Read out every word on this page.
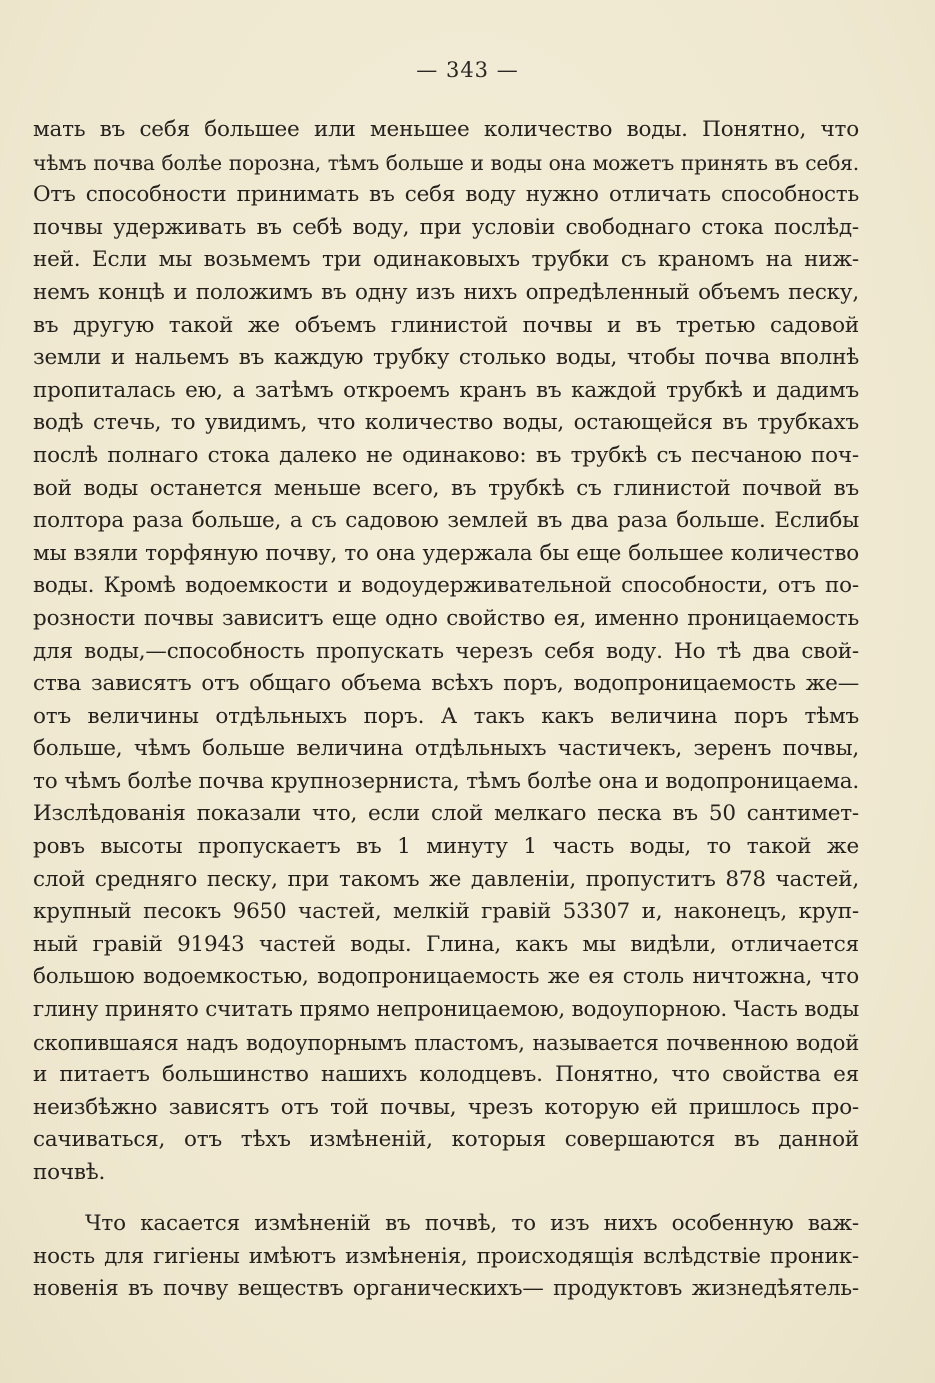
— 343 —
мать въ себя большее или меньшее количество воды. Понятно, что
чѣмъ почва болѣе порозна, тѣмъ больше и воды она можетъ принять въ себя.
Отъ способности принимать въ себя воду нужно отличать способность
почвы удерживать въ себѣ воду, при условіи свободнаго стока послѣд-
ней. Если мы возьмемъ три одинаковыхъ трубки съ краномъ на ниж-
немъ концѣ и положимъ въ одну изъ нихъ опредѣленный объемъ песку,
въ другую такой же объемъ глинистой почвы и въ третью садовой
земли и нальемъ въ каждую трубку столько воды, чтобы почва вполнѣ
пропиталась ею, а затѣмъ откроемъ кранъ въ каждой трубкѣ и дадимъ
водѣ стечь, то увидимъ, что количество воды, остающейся въ трубкахъ
послѣ полнаго стока далеко не одинаково: въ трубкѣ съ песчаною поч-
вой воды останется меньше всего, въ трубкѣ съ глинистой почвой въ
полтора раза больше, а съ садовою землей въ два раза больше. Еслибы
мы взяли торфяную почву, то она удержала бы еще большее количество
воды. Кромѣ водоемкости и водоудерживательной способности, отъ по-
розности почвы зависитъ еще одно свойство ея, именно проницаемость
для воды,—способность пропускать черезъ себя воду. Но тѣ два свой-
ства зависятъ отъ общаго объема всѣхъ поръ, водопроницаемость же—
отъ величины отдѣльныхъ поръ. А такъ какъ величина поръ тѣмъ
больше, чѣмъ больше величина отдѣльныхъ частичекъ, зеренъ почвы,
то чѣмъ болѣе почва крупнозерниста, тѣмъ болѣе она и водопроницаема.
Изслѣдованія показали что, если слой мелкаго песка въ 50 сантимет-
ровъ высоты пропускаетъ въ 1 минуту 1 часть воды, то такой же
слой средняго песку, при такомъ же давленіи, пропуститъ 878 частей,
крупный песокъ 9650 частей, мелкій гравій 53307 и, наконецъ, круп-
ный гравій 91943 частей воды. Глина, какъ мы видѣли, отличается
большою водоемкостью, водопроницаемость же ея столь ничтожна, что
глину принято считать прямо непроницаемою, водоупорною. Часть воды
скопившаяся надъ водоупорнымъ пластомъ, называется почвенною водой
и питаетъ большинство нашихъ колодцевъ. Понятно, что свойства ея
неизбѣжно зависятъ отъ той почвы, чрезъ которую ей пришлось про-
сачиваться, отъ тѣхъ измѣненій, которыя совершаются въ данной
почвѣ.
Что касается измѣненій въ почвѣ, то изъ нихъ особенную важ-
ность для гигіены имѣютъ измѣненія, происходящія вслѣдствіе проник-
новенія въ почву веществъ органическихъ— продуктовъ жизнедѣятель-
